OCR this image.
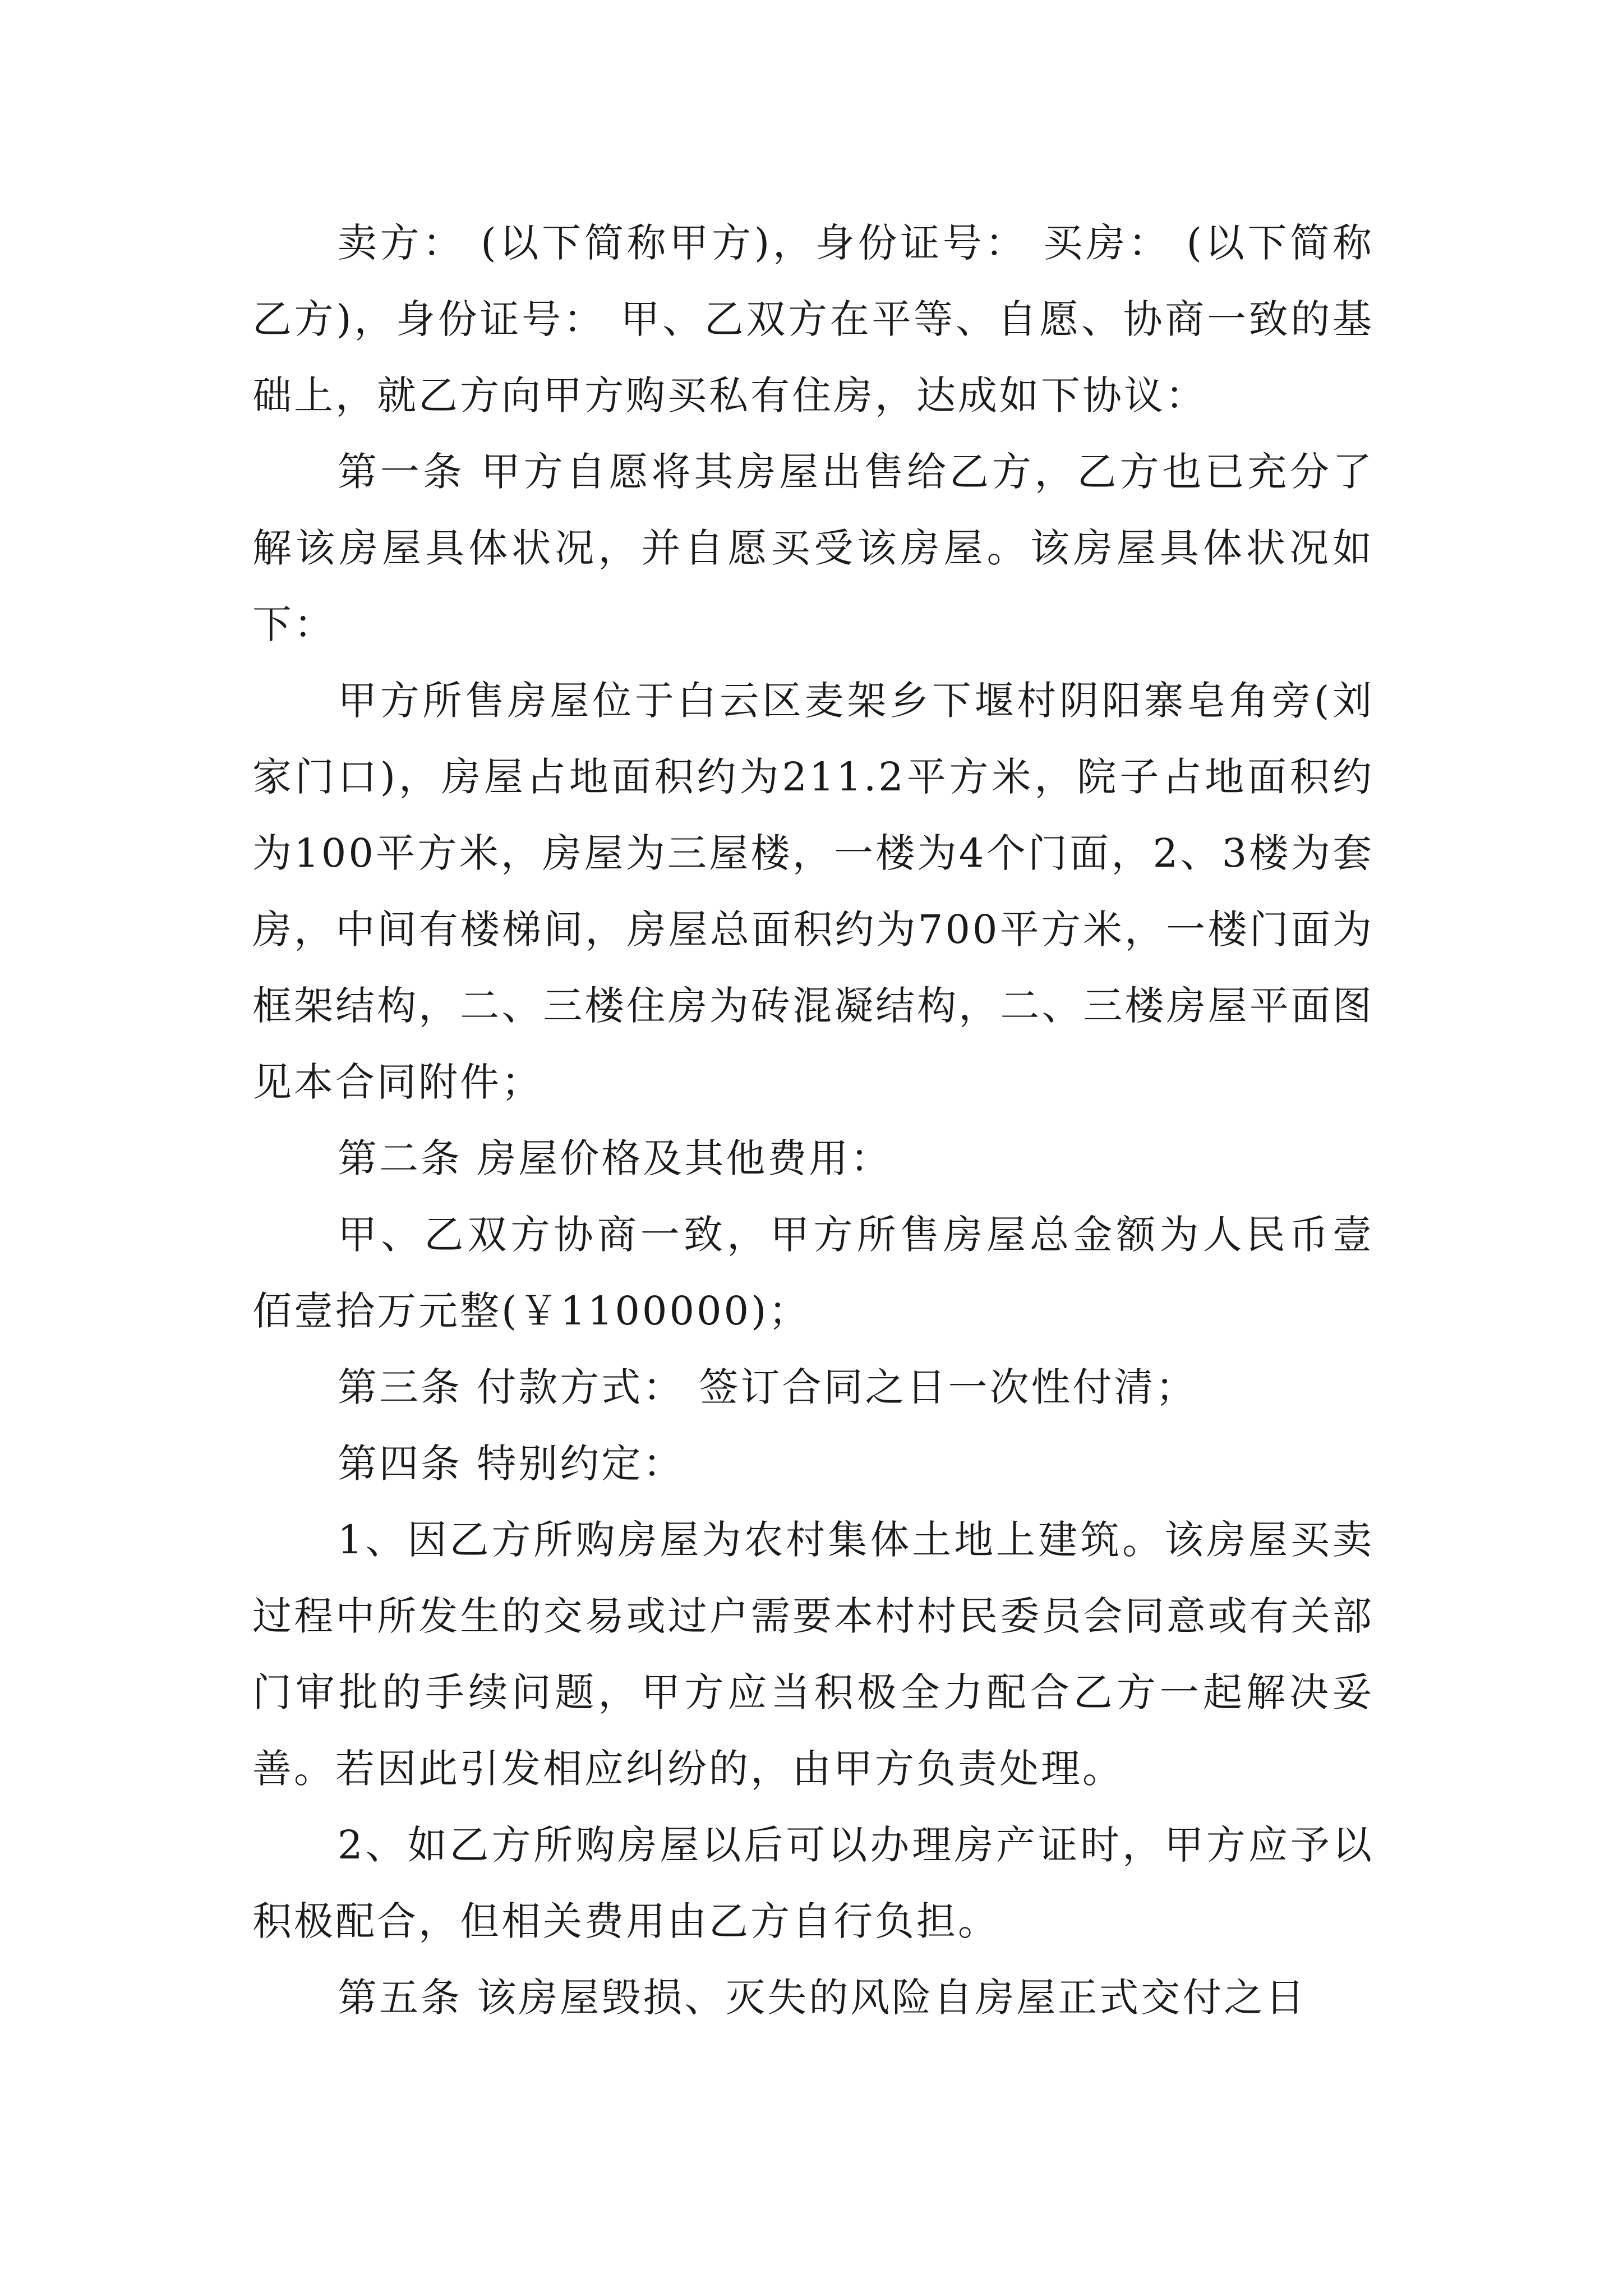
卖方： (以下简称甲方)，身份证号： 买房： (以下简称乙方)，身份证号： 甲、乙双方在平等、自愿、协商一致的基础上，就乙方向甲方购买私有住房，达成如下协议：

第一条 甲方自愿将其房屋出售给乙方，乙方也已充分了解该房屋具体状况，并自愿买受该房屋。该房屋具体状况如下：

甲方所售房屋位于白云区麦架乡下堰村阴阳寨皂角旁(刘家门口)，房屋占地面积约为211.2平方米，院子占地面积约为100平方米，房屋为三屋楼，一楼为4个门面，2、3楼为套房，中间有楼梯间，房屋总面积约为700平方米，一楼门面为框架结构，二、三楼住房为砖混凝结构，二、三楼房屋平面图见本合同附件；

第二条 房屋价格及其他费用：

甲、乙双方协商一致，甲方所售房屋总金额为人民币壹佰壹拾万元整(￥1100000)；

第三条 付款方式： 签订合同之日一次性付清；

第四条 特别约定：

1、因乙方所购房屋为农村集体土地上建筑。该房屋买卖过程中所发生的交易或过户需要本村村民委员会同意或有关部门审批的手续问题，甲方应当积极全力配合乙方一起解决妥善。若因此引发相应纠纷的，由甲方负责处理。

2、如乙方所购房屋以后可以办理房产证时，甲方应予以积极配合，但相关费用由乙方自行负担。

第五条 该房屋毁损、灭失的风险自房屋正式交付之日
